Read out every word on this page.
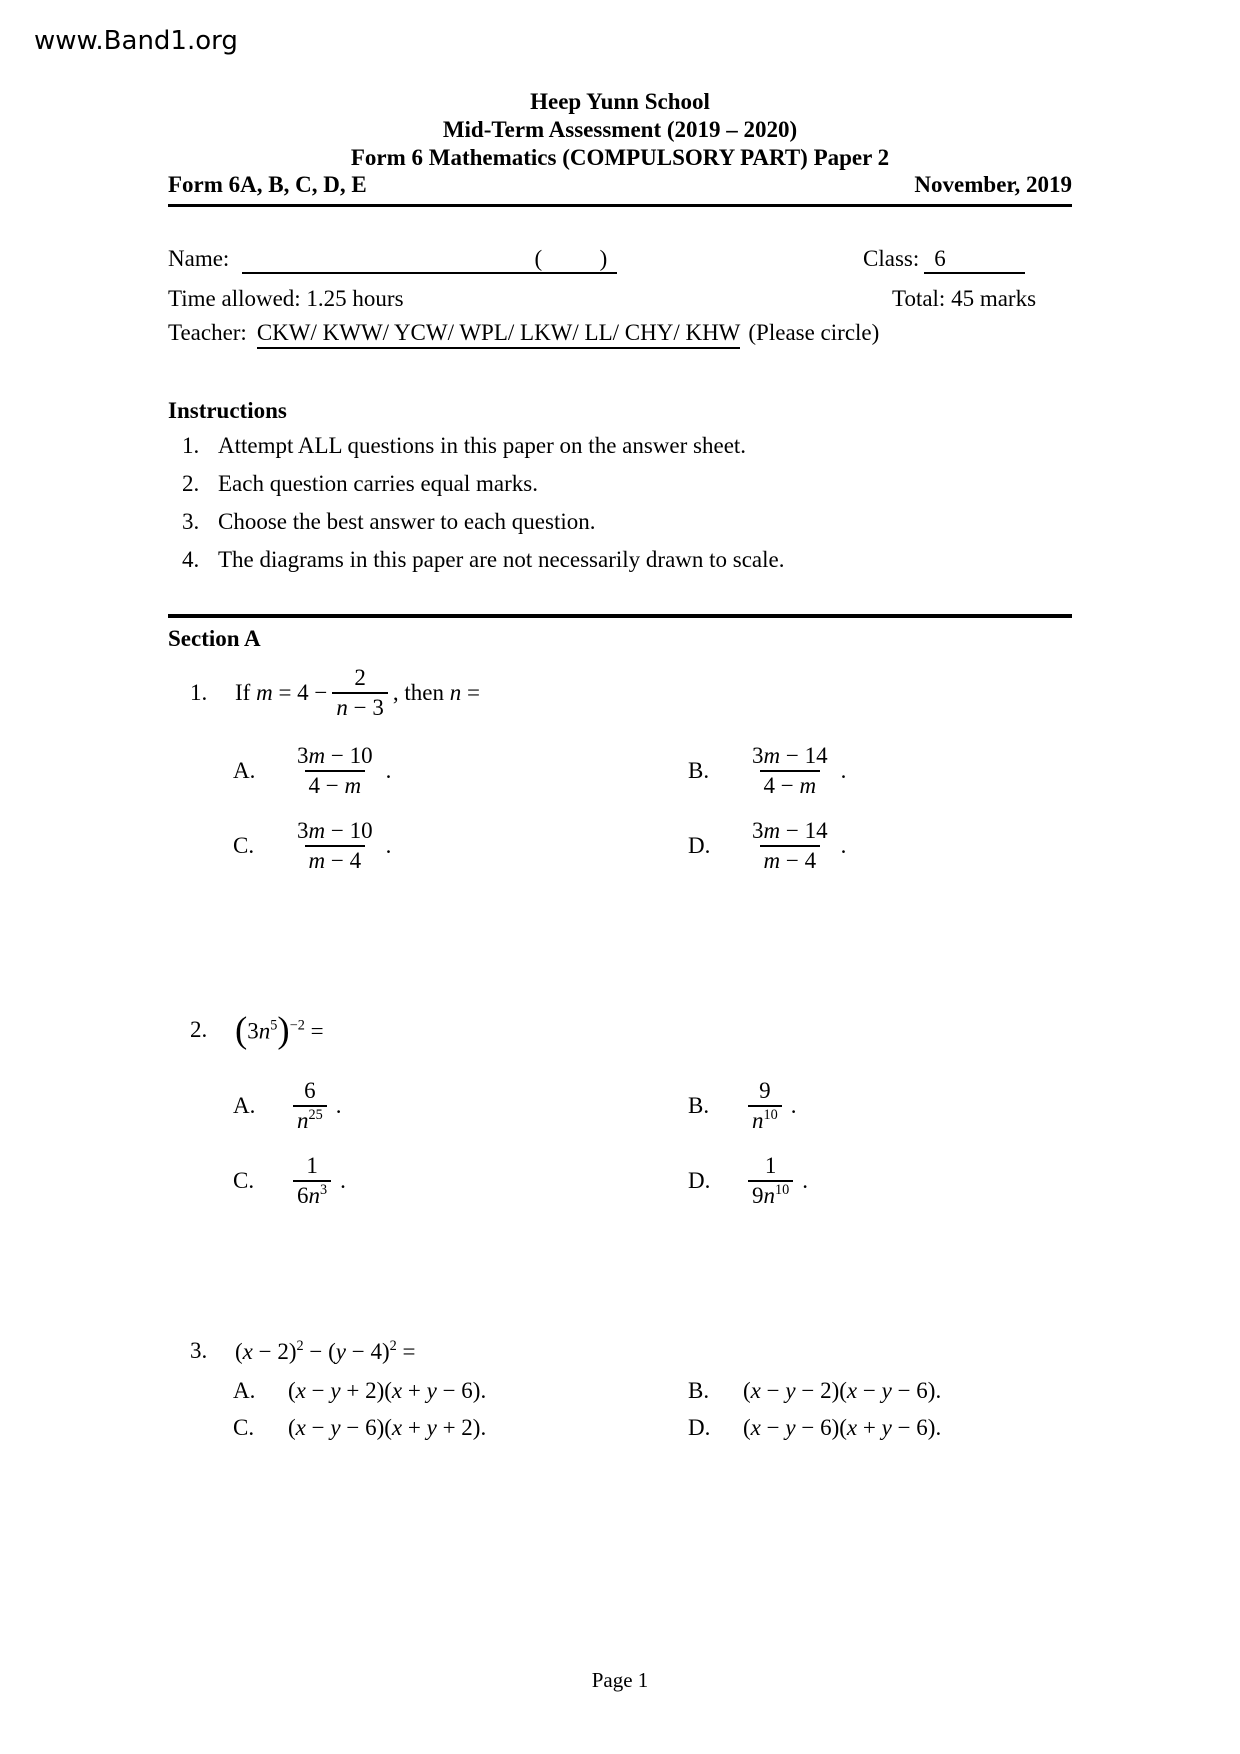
www.Band1.org
Heep Yunn School
Mid-Term Assessment (2019 – 2020)
Form 6 Mathematics (COMPULSORY PART) Paper 2
Form 6A, B, C, D, E	November, 2019
Name:	(          )	Class: 6
Time allowed: 1.25 hours	Total: 45 marks
Teacher: CKW/ KWW/ YCW/ WPL/ LKW/ LL/ CHY/ KHW (Please circle)
Instructions
1. Attempt ALL questions in this paper on the answer sheet.
2. Each question carries equal marks.
3. Choose the best answer to each question.
4. The diagrams in this paper are not necessarily drawn to scale.
Section A
1.	If $m = 4 - \frac{2}{n - 3}$ , then n =
A.	$\frac{3m - 10}{4 - m}$ .	B.	$\frac{3m - 14}{4 - m}$ .
C.	$\frac{3m - 10}{m - 4}$ .	D.	$\frac{3m - 14}{m - 4}$ .
2. $(3n^5)^{-2}$ =
A.	$\frac{6}{n^{25}}$ .	B.	$\frac{9}{n^{10}}$ .
C.	$\frac{1}{6n^3}$ .	D.	$\frac{1}{9n^{10}}$ .
3.	$(x - 2)^2 - (y - 4)^2$ =
A.	(x − y + 2)(x + y − 6).	B.	(x − y − 2)(x − y − 6).
C.	(x − y − 6)(x + y + 2).	D.	(x − y − 6)(x + y − 6).
Page 1
